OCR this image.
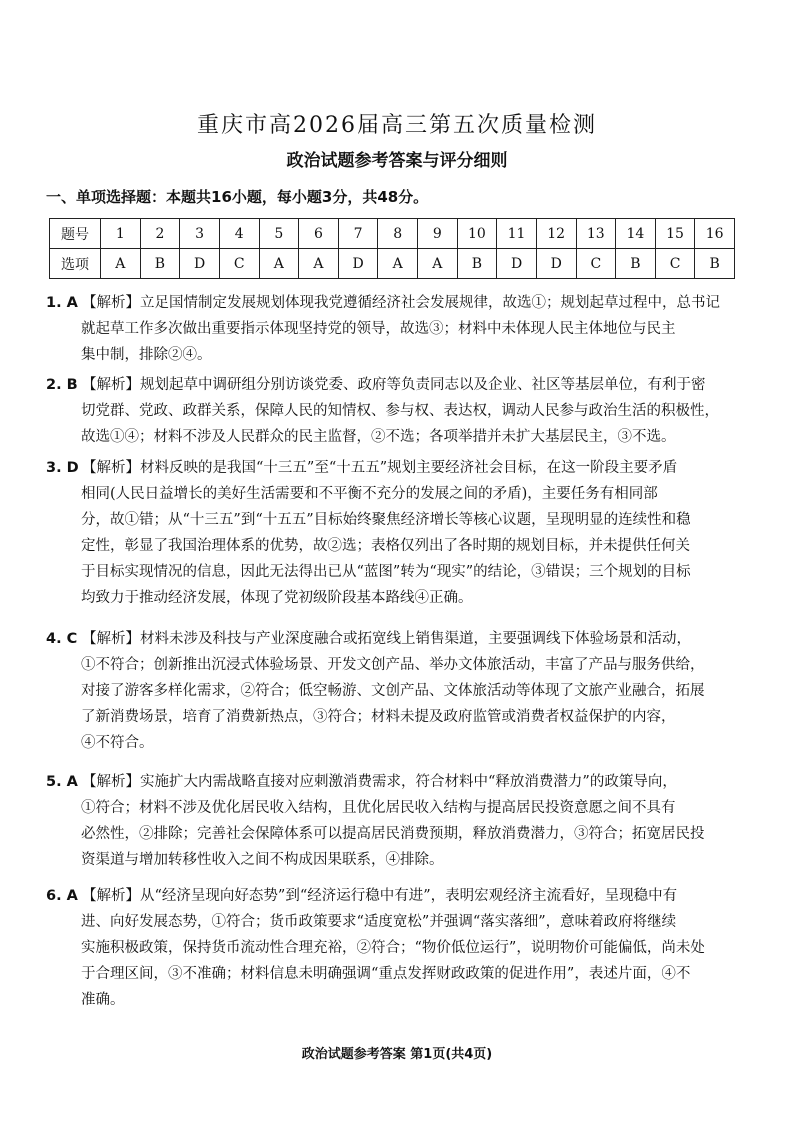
重庆市高2026届高三第五次质量检测
政治试题参考答案与评分细则
一、单项选择题：本题共16小题，每小题3分，共48分。
题号	1	2	3	4	5	6	7	8	9	10	11	12	13	14	15	16
选项	A	B	D	C	A	A	D	A	A	B	D	D	C	B	C	B
1. A 【解析】立足国情制定发展规划体现我党遵循经济社会发展规律，故选①；规划起草过程中，总书记
就起草工作多次做出重要指示体现坚持党的领导，故选③；材料中未体现人民主体地位与民主
集中制，排除②④。
2. B 【解析】规划起草中调研组分别访谈党委、政府等负责同志以及企业、社区等基层单位，有利于密
切党群、党政、政群关系，保障人民的知情权、参与权、表达权，调动人民参与政治生活的积极性，
故选①④；材料不涉及人民群众的民主监督，②不选；各项举措并未扩大基层民主，③不选。
3. D 【解析】材料反映的是我国“十三五”至“十五五”规划主要经济社会目标，在这一阶段主要矛盾
相同(人民日益增长的美好生活需要和不平衡不充分的发展之间的矛盾)，主要任务有相同部
分，故①错；从“十三五”到“十五五”目标始终聚焦经济增长等核心议题，呈现明显的连续性和稳
定性，彰显了我国治理体系的优势，故②选；表格仅列出了各时期的规划目标，并未提供任何关
于目标实现情况的信息，因此无法得出已从“蓝图”转为“现实”的结论，③错误；三个规划的目标
均致力于推动经济发展，体现了党初级阶段基本路线④正确。
4. C 【解析】材料未涉及科技与产业深度融合或拓宽线上销售渠道，主要强调线下体验场景和活动，
①不符合；创新推出沉浸式体验场景、开发文创产品、举办文体旅活动，丰富了产品与服务供给，
对接了游客多样化需求，②符合；低空畅游、文创产品、文体旅活动等体现了文旅产业融合，拓展
了新消费场景，培育了消费新热点，③符合；材料未提及政府监管或消费者权益保护的内容，
④不符合。
5. A 【解析】实施扩大内需战略直接对应刺激消费需求，符合材料中“释放消费潜力”的政策导向，
①符合；材料不涉及优化居民收入结构，且优化居民收入结构与提高居民投资意愿之间不具有
必然性，②排除；完善社会保障体系可以提高居民消费预期，释放消费潜力，③符合；拓宽居民投
资渠道与增加转移性收入之间不构成因果联系，④排除。
6. A 【解析】从“经济呈现向好态势”到“经济运行稳中有进”，表明宏观经济主流看好，呈现稳中有
进、向好发展态势，①符合；货币政策要求“适度宽松”并强调“落实落细”，意味着政府将继续
实施积极政策，保持货币流动性合理充裕，②符合；“物价低位运行”，说明物价可能偏低，尚未处
于合理区间，③不准确；材料信息未明确强调“重点发挥财政政策的促进作用”，表述片面，④不
准确。
政治试题参考答案 第1页(共4页)
